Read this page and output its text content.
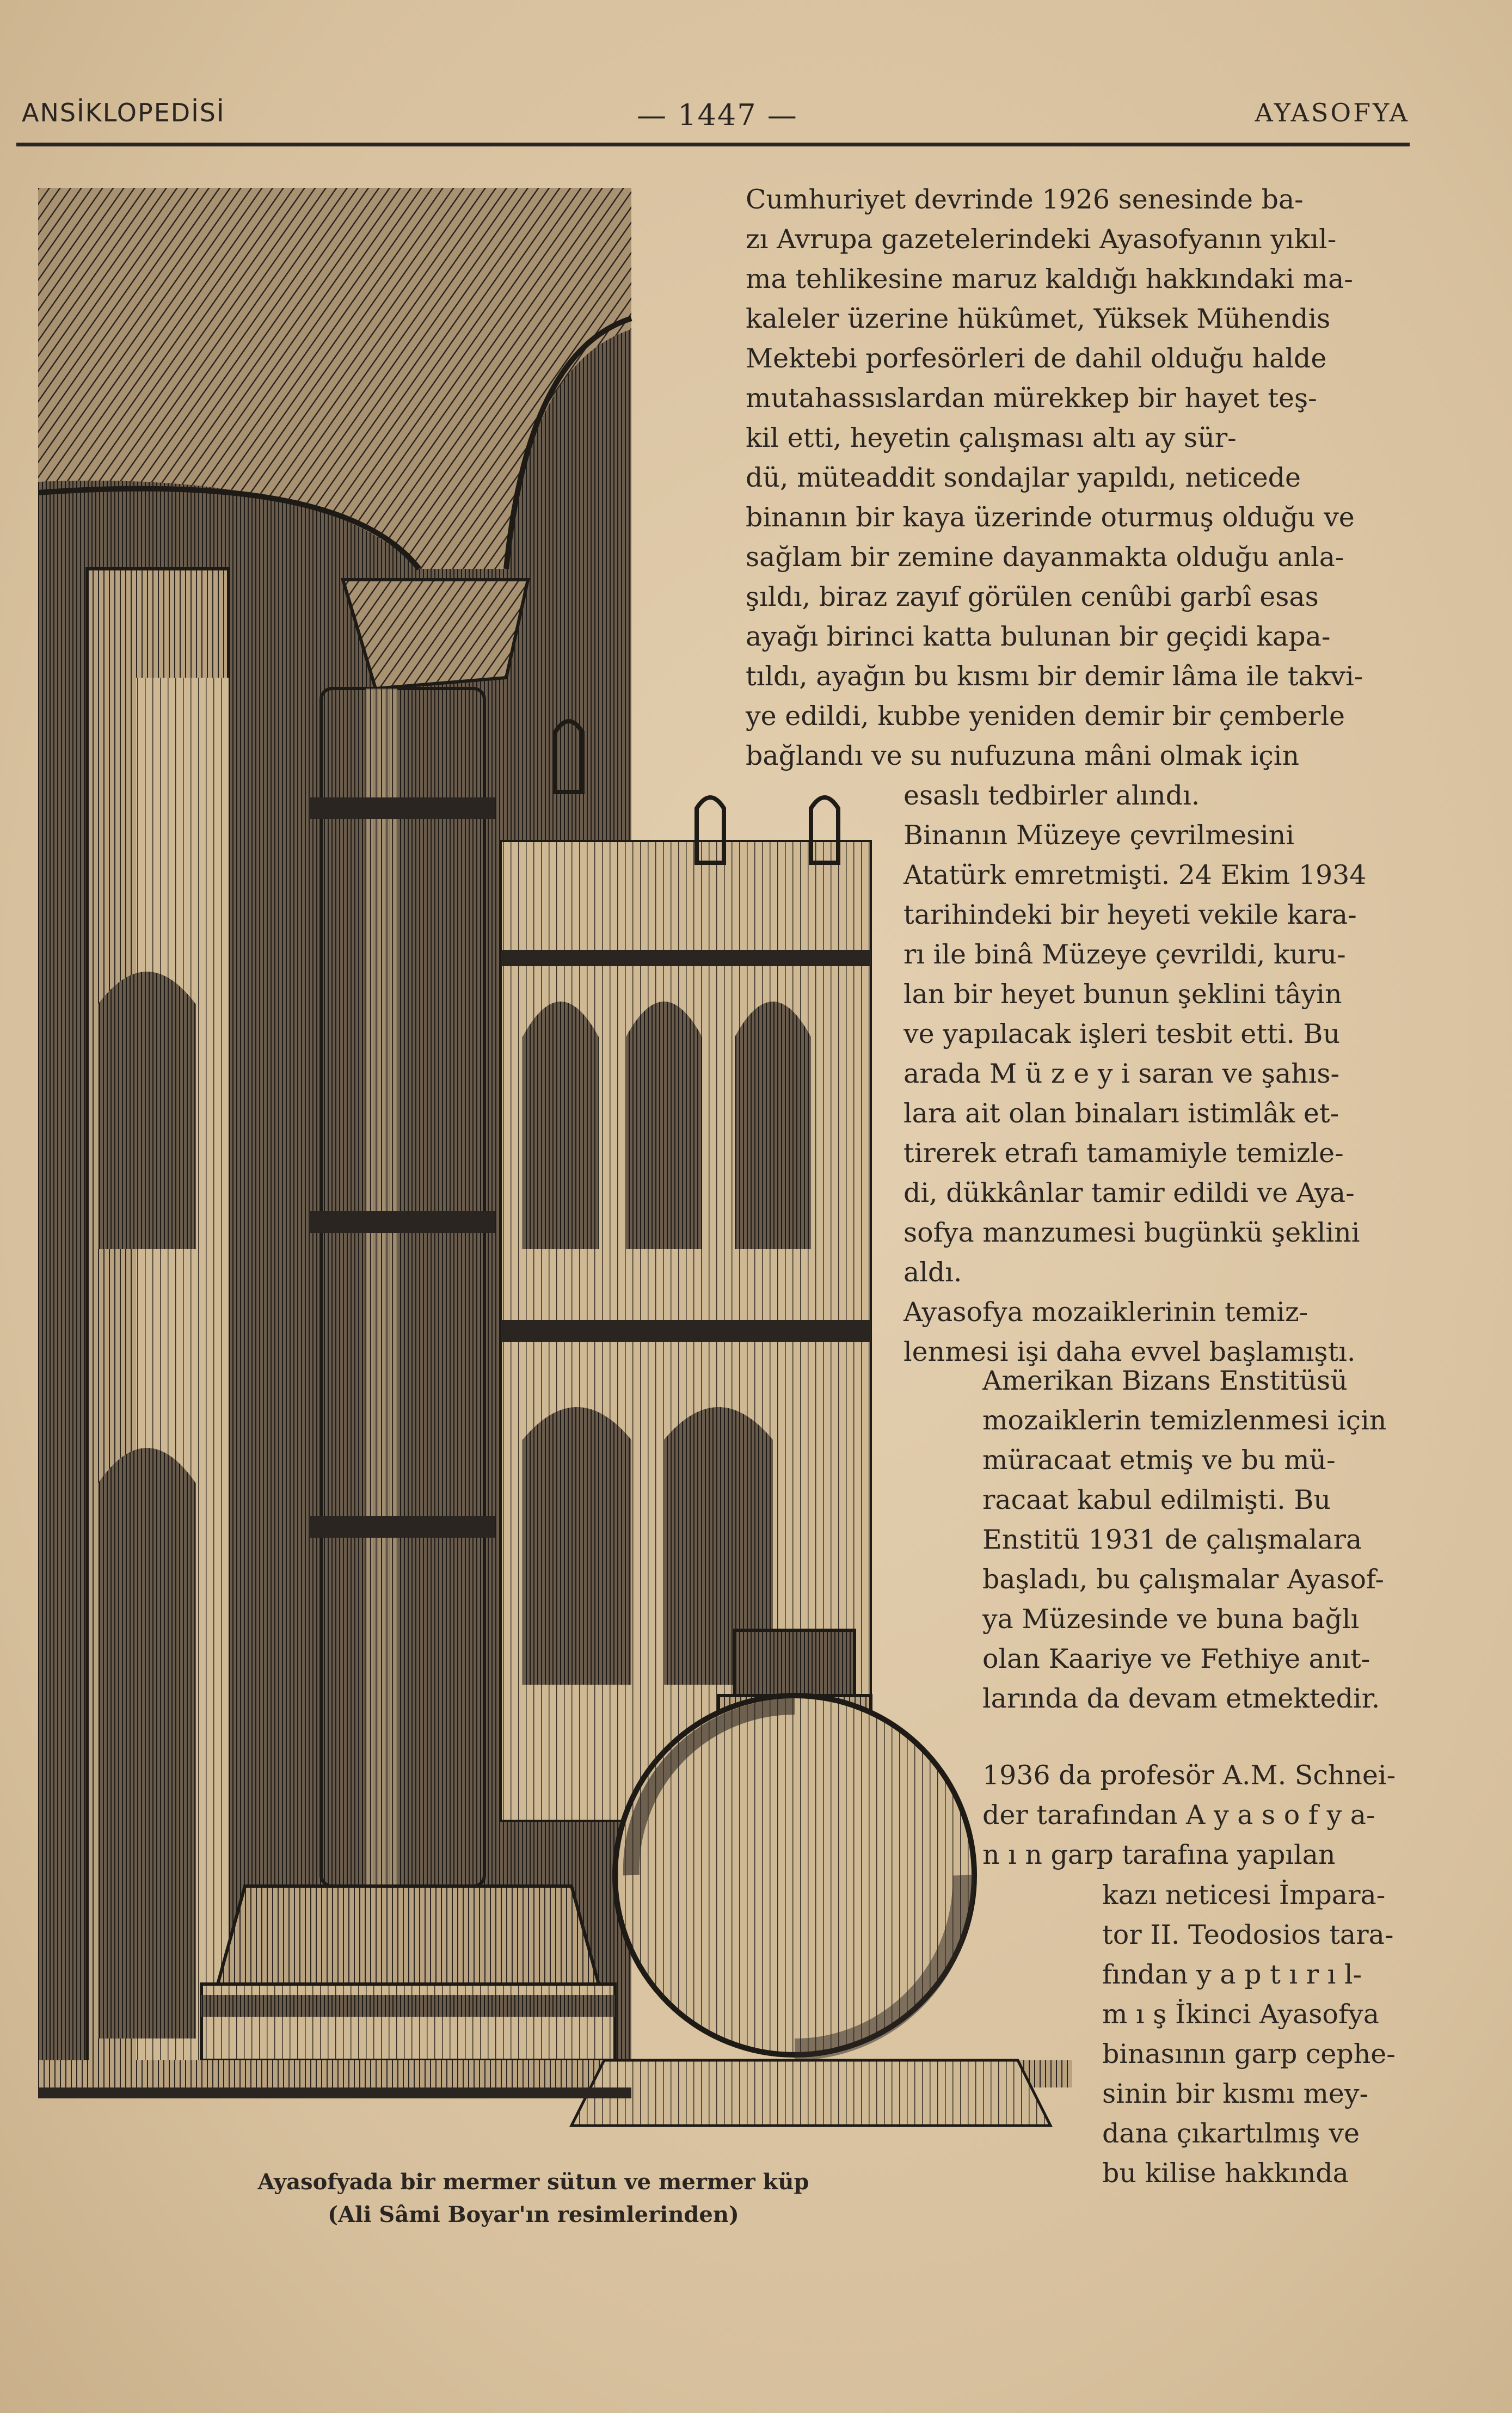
ANSİKLOPEDİSİ	— 1447 —	AYASOFYA
Ayasofyada bir mermer sütun ve mermer küp
(Ali Sâmi Boyar'ın resimlerinden)
Cumhuriyet devrinde 1926 senesinde ba-
zı Avrupa gazetelerindeki Ayasofyanın yıkıl-
ma tehlikesine maruz kaldığı hakkındaki ma-
kaleler üzerine hükûmet, Yüksek Mühendis
Mektebi porfesörleri de dahil olduğu halde
mutahassıslardan mürekkep bir hayet teş-
kil etti, heyetin çalışması altı ay sür-
dü, müteaddit sondajlar yapıldı, neticede
binanın bir kaya üzerinde oturmuş olduğu ve
sağlam bir zemine dayanmakta olduğu anla-
şıldı, biraz zayıf görülen cenûbi garbî esas
ayağı birinci katta bulunan bir geçidi kapa-
tıldı, ayağın bu kısmı bir demir lâma ile takvi-
ye edildi, kubbe yeniden demir bir çemberle
bağlandı ve su nufuzuna mâni olmak için
esaslı tedbirler alındı.
Binanın Müzeye çevrilmesini
Atatürk emretmişti. 24 Ekim 1934
tarihindeki bir heyeti vekile kara-
rı ile binâ Müzeye çevrildi, kuru-
lan bir heyet bunun şeklini tâyin
ve yapılacak işleri tesbit etti. Bu
arada M ü z e y i saran ve şahıs-
lara ait olan binaları istimlâk et-
tirerek etrafı tamamiyle temizle-
di, dükkânlar tamir edildi ve Aya-
sofya manzumesi bugünkü şeklini
aldı.
Ayasofya mozaiklerinin temiz-
lenmesi işi daha evvel başlamıştı.
Amerikan Bizans Enstitüsü
mozaiklerin temizlenmesi için
müracaat etmiş ve bu mü-
racaat kabul edilmişti. Bu
Enstitü 1931 de çalışmalara
başladı, bu çalışmalar Ayasof-
ya Müzesinde ve buna bağlı
olan Kaariye ve Fethiye anıt-
larında da devam etmektedir.
1936 da profesör A.M. Schnei-
der tarafından A y a s o f y a-
n ı n garp tarafına yapılan
kazı neticesi İmpara-
tor II. Teodosios tara-
fından y a p t ı r ı l-
m ı ş İkinci Ayasofya
binasının garp cephe-
sinin bir kısmı mey-
dana çıkartılmış ve
bu kilise hakkında
